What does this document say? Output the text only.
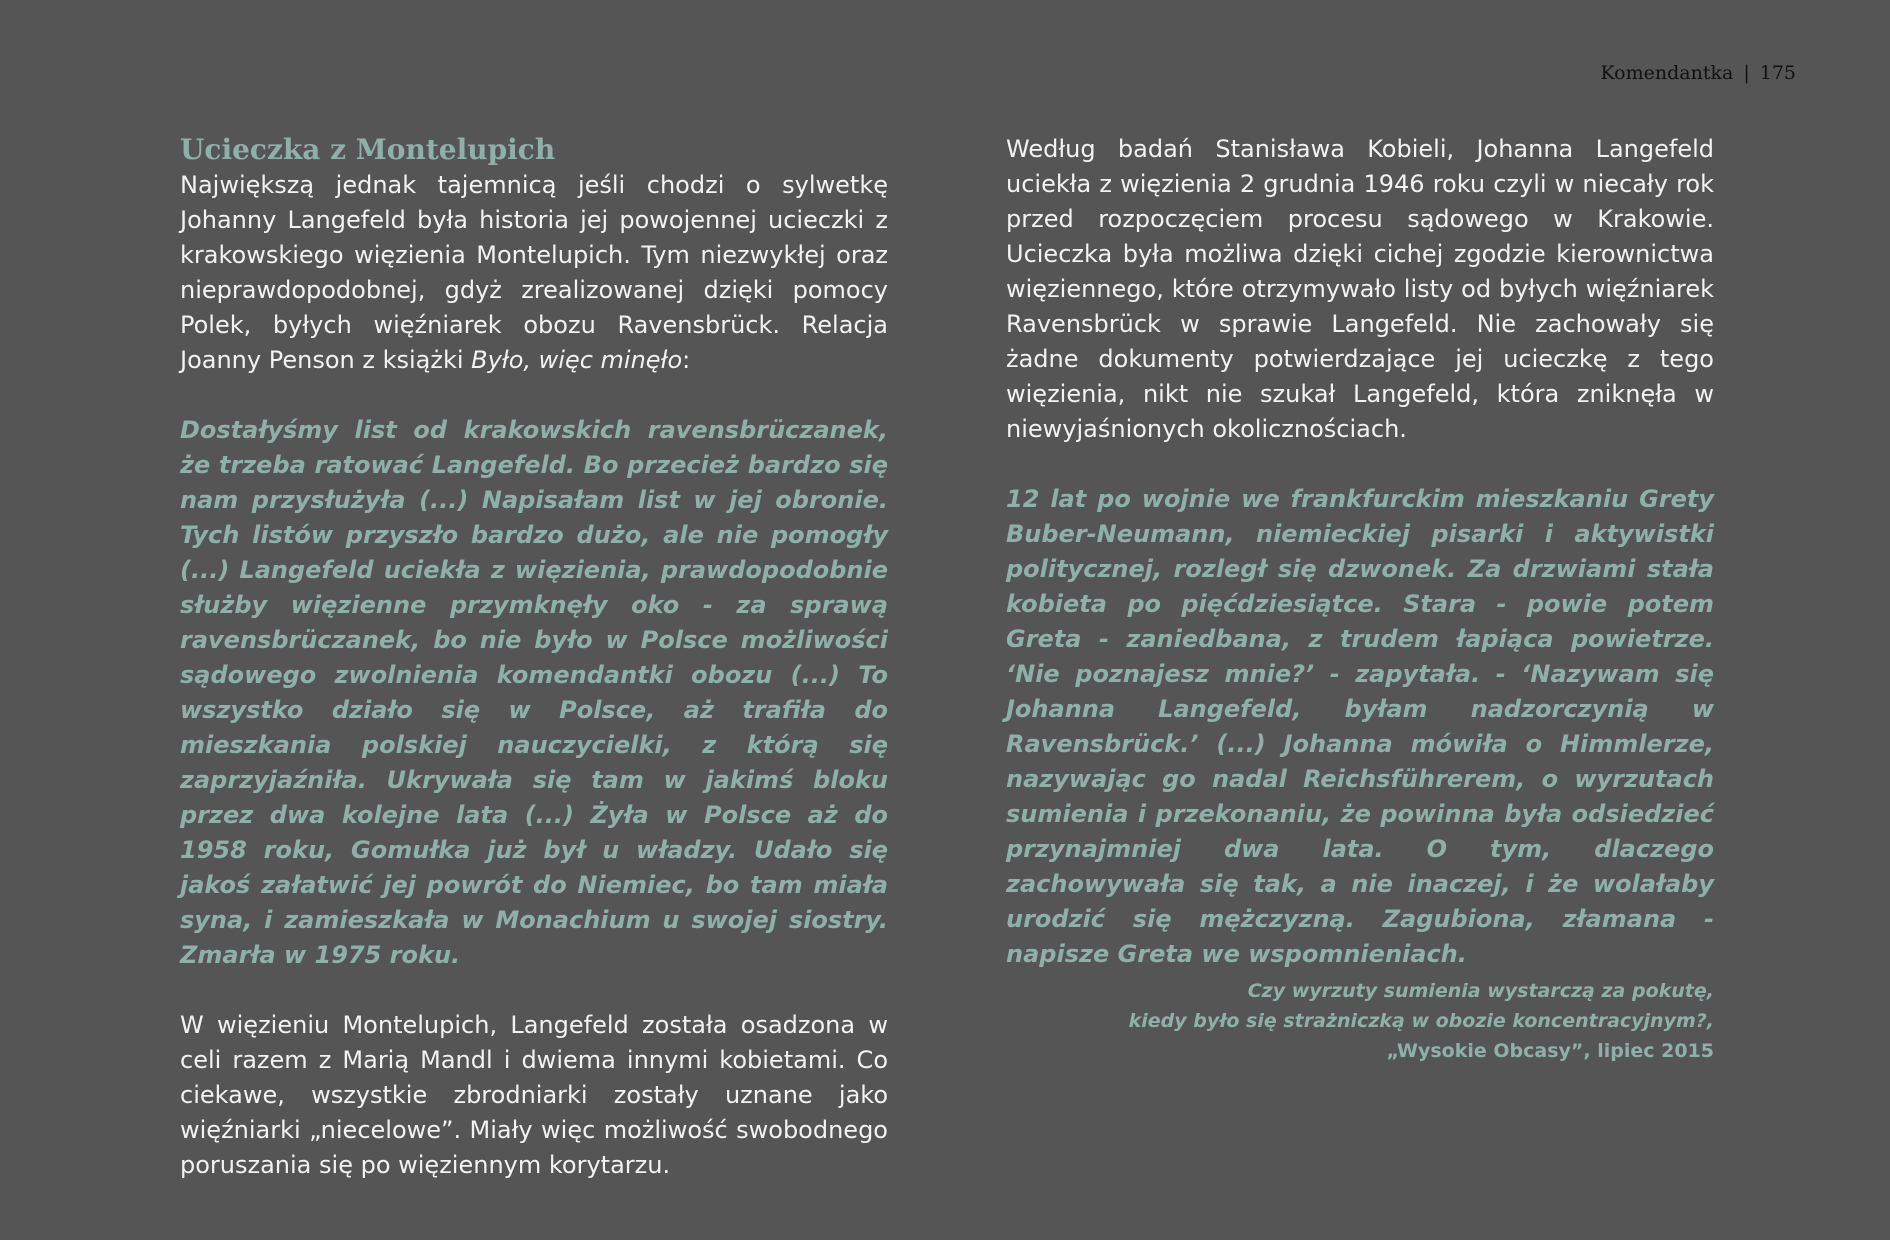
Komendantka | 175
Ucieczka z Montelupich

Największą jednak tajemnicą jeśli chodzi o sylwetkę Johanny Langefeld była historia jej powojennej ucieczki z krakowskiego więzienia Montelupich. Tym niezwykłej oraz nieprawdopodobnej, gdyż zrealizowanej dzięki pomocy Polek, byłych więźniarek obozu Ravensbrück. Relacja Joanny Penson z książki Było, więc minęło:

Dostałyśmy list od krakowskich ravensbrüczanek, że trzeba ratować Langefeld. Bo przecież bardzo się nam przysłużyła (...) Napisałam list w jej obronie. Tych listów przyszło bardzo dużo, ale nie pomogły (...) Langefeld uciekła z więzienia, prawdopodobnie służby więzienne przymknęły oko - za sprawą ravensbrüczanek, bo nie było w Polsce możliwości sądowego zwolnienia komendantki obozu (...) To wszystko działo się w Polsce, aż trafiła do mieszkania polskiej nauczycielki, z którą się zaprzyjaźniła. Ukrywała się tam w jakimś bloku przez dwa kolejne lata (...) Żyła w Polsce aż do 1958 roku, Gomułka już był u władzy. Udało się jakoś załatwić jej powrót do Niemiec, bo tam miała syna, i zamieszkała w Monachium u swojej siostry. Zmarła w 1975 roku.

W więzieniu Montelupich, Langefeld została osadzona w celi razem z Marią Mandl i dwiema innymi kobietami. Co ciekawe, wszystkie zbrodniarki zostały uznane jako więźniarki „niecelowe”. Miały więc możliwość swobodnego poruszania się po więziennym korytarzu.

Według badań Stanisława Kobieli, Johanna Langefeld uciekła z więzienia 2 grudnia 1946 roku czyli w niecały rok przed rozpoczęciem procesu sądowego w Krakowie. Ucieczka była możliwa dzięki cichej zgodzie kierownictwa więziennego, które otrzymywało listy od byłych więźniarek Ravensbrück w sprawie Langefeld. Nie zachowały się żadne dokumenty potwierdzające jej ucieczkę z tego więzienia, nikt nie szukał Langefeld, która zniknęła w niewyjaśnionych okolicznościach.

12 lat po wojnie we frankfurckim mieszkaniu Grety Buber-Neumann, niemieckiej pisarki i aktywistki politycznej, rozległ się dzwonek. Za drzwiami stała kobieta po pięćdziesiątce. Stara - powie potem Greta - zaniedbana, z trudem łapiąca powietrze. ‘Nie poznajesz mnie?’ - zapytała. - ‘Nazywam się Johanna Langefeld, byłam nadzorczynią w Ravensbrück.’ (...) Johanna mówiła o Himmlerze, nazywając go nadal Reichsführerem, o wyrzutach sumienia i przekonaniu, że powinna była odsiedzieć przynajmniej dwa lata. O tym, dlaczego zachowywała się tak, a nie inaczej, i że wolałaby urodzić się mężczyzną. Zagubiona, złamana - napisze Greta we wspomnieniach.

Czy wyrzuty sumienia wystarczą za pokutę,
kiedy było się strażniczką w obozie koncentracyjnym?,
„Wysokie Obcasy”, lipiec 2015
